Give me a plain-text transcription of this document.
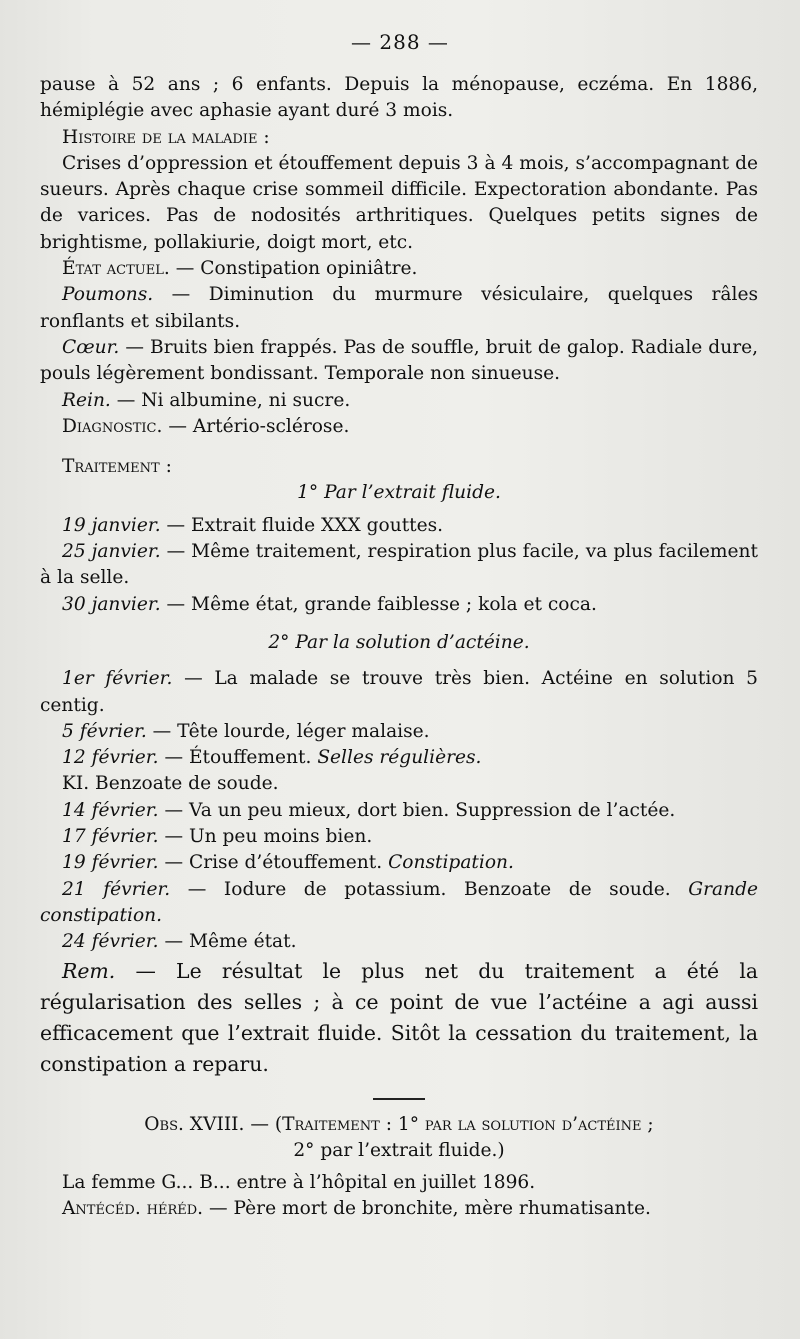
— 288 —

pause à 52 ans ; 6 enfants. Depuis la ménopause, eczéma. En 1886, hémiplégie avec aphasie ayant duré 3 mois.

Histoire de la maladie :

Crises d’oppression et étouffement depuis 3 à 4 mois, s’accompagnant de sueurs. Après chaque crise sommeil difficile. Expectoration abondante. Pas de varices. Pas de nodosités arthritiques. Quelques petits signes de brightisme, pollakiurie, doigt mort, etc.

État actuel. — Constipation opiniâtre.

Poumons. — Diminution du murmure vésiculaire, quelques râles ronflants et sibilants.

Cœur. — Bruits bien frappés. Pas de souffle, bruit de galop. Radiale dure, pouls légèrement bondissant. Temporale non sinueuse.

Rein. — Ni albumine, ni sucre.

Diagnostic. — Artério-sclérose.

Traitement :

1° Par l’extrait fluide.

19 janvier. — Extrait fluide XXX gouttes.

25 janvier. — Même traitement, respiration plus facile, va plus facilement à la selle.

30 janvier. — Même état, grande faiblesse ; kola et coca.

2° Par la solution d’actéine.

1er février. — La malade se trouve très bien. Actéine en solution 5 centig.

5 février. — Tête lourde, léger malaise.

12 février. — Étouffement. Selles régulières.

KI. Benzoate de soude.

14 février. — Va un peu mieux, dort bien. Suppression de l’actée.

17 février. — Un peu moins bien.

19 février. — Crise d’étouffement. Constipation.

21 février. — Iodure de potassium. Benzoate de soude. Grande constipation.

24 février. — Même état.

Rem. — Le résultat le plus net du traitement a été la régularisation des selles ; à ce point de vue l’actéine a agi aussi efficacement que l’extrait fluide. Sitôt la cessation du traitement, la constipation a reparu.

Obs. XVIII. — (Traitement : 1° par la solution d’actéine ;

2° par l’extrait fluide.)

La femme G... B... entre à l’hôpital en juillet 1896.

Antécéd. héréd. — Père mort de bronchite, mère rhumatisante.
